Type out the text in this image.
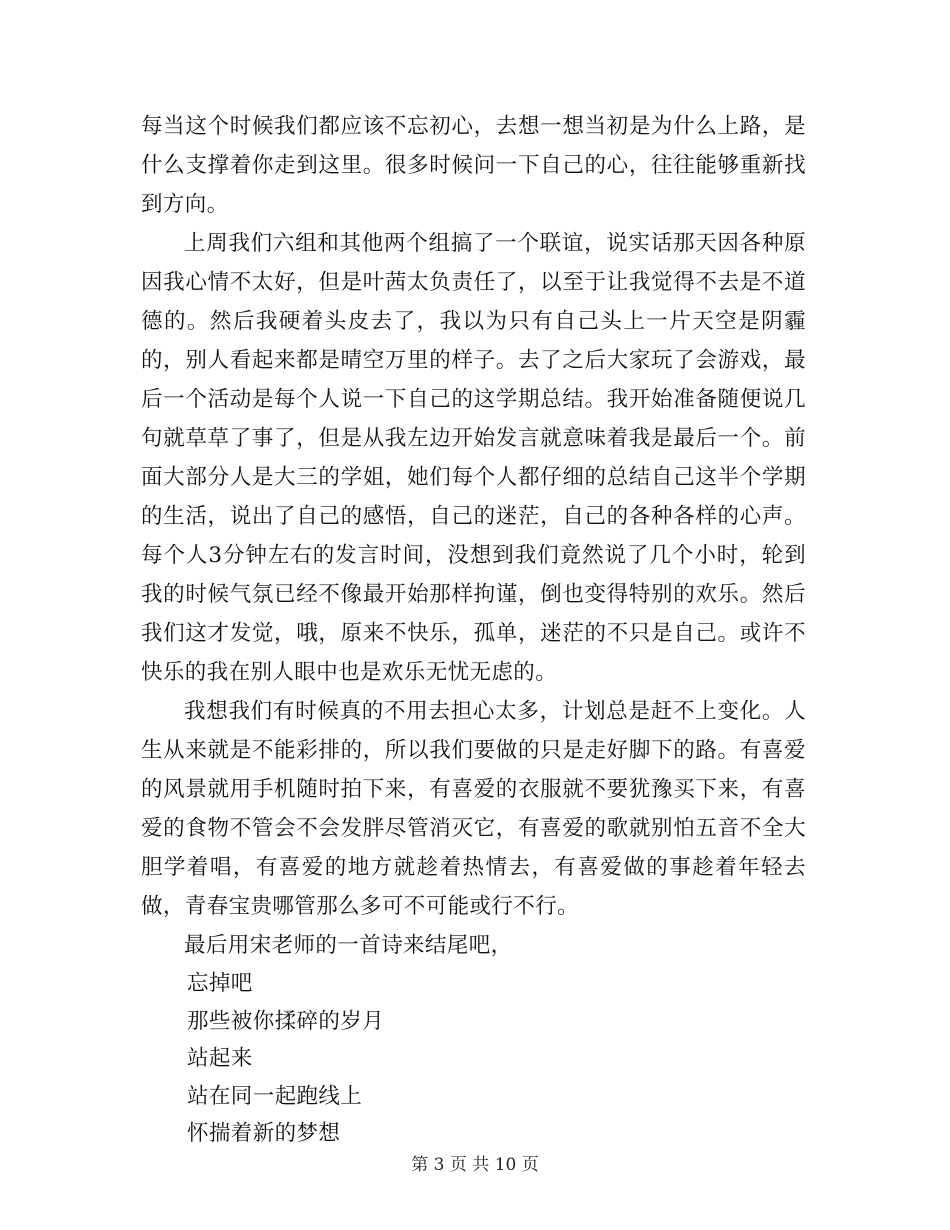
每当这个时候我们都应该不忘初心，去想一想当初是为什么上路，是什么支撑着你走到这里。很多时候问一下自己的心，往往能够重新找到方向。

上周我们六组和其他两个组搞了一个联谊，说实话那天因各种原因我心情不太好，但是叶茜太负责任了，以至于让我觉得不去是不道德的。然后我硬着头皮去了，我以为只有自己头上一片天空是阴霾的，别人看起来都是晴空万里的样子。去了之后大家玩了会游戏，最后一个活动是每个人说一下自己的这学期总结。我开始准备随便说几句就草草了事了，但是从我左边开始发言就意味着我是最后一个。前面大部分人是大三的学姐，她们每个人都仔细的总结自己这半个学期的生活，说出了自己的感悟，自己的迷茫，自己的各种各样的心声。每个人3分钟左右的发言时间，没想到我们竟然说了几个小时，轮到我的时候气氛已经不像最开始那样拘谨，倒也变得特别的欢乐。然后我们这才发觉，哦，原来不快乐，孤单，迷茫的不只是自己。或许不快乐的我在别人眼中也是欢乐无忧无虑的。

我想我们有时候真的不用去担心太多，计划总是赶不上变化。人生从来就是不能彩排的，所以我们要做的只是走好脚下的路。有喜爱的风景就用手机随时拍下来，有喜爱的衣服就不要犹豫买下来，有喜爱的食物不管会不会发胖尽管消灭它，有喜爱的歌就别怕五音不全大胆学着唱，有喜爱的地方就趁着热情去，有喜爱做的事趁着年轻去做，青春宝贵哪管那么多可不可能或行不行。

最后用宋老师的一首诗来结尾吧，

忘掉吧
那些被你揉碎的岁月
站起来
站在同一起跑线上
怀揣着新的梦想
第 3 页 共 10 页
